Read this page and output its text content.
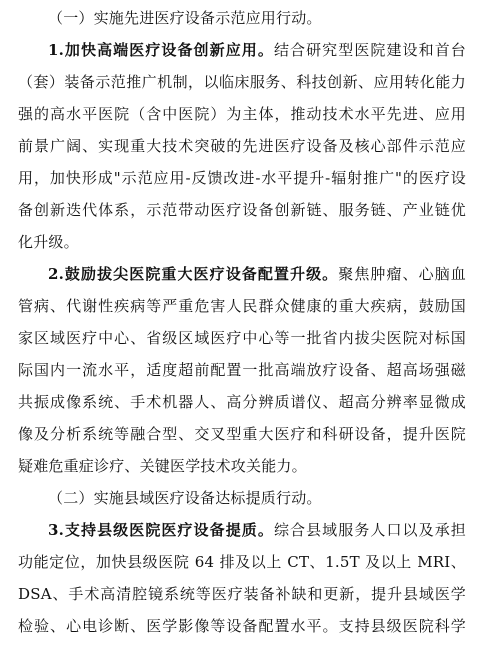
（一）实施先进医疗设备示范应用行动。
1.加快高端医疗设备创新应用。结合研究型医院建设和首台
（套）装备示范推广机制，以临床服务、科技创新、应用转化能力
强的高水平医院（含中医院）为主体，推动技术水平先进、应用
前景广阔、实现重大技术突破的先进医疗设备及核心部件示范应
用，加快形成"示范应用-反馈改进-水平提升-辐射推广"的医疗设
备创新迭代体系，示范带动医疗设备创新链、服务链、产业链优
化升级。
2.鼓励拔尖医院重大医疗设备配置升级。聚焦肿瘤、心脑血
管病、代谢性疾病等严重危害人民群众健康的重大疾病，鼓励国
家区域医疗中心、省级区域医疗中心等一批省内拔尖医院对标国
际国内一流水平，适度超前配置一批高端放疗设备、超高场强磁
共振成像系统、手术机器人、高分辨质谱仪、超高分辨率显微成
像及分析系统等融合型、交叉型重大医疗和科研设备，提升医院
疑难危重症诊疗、关键医学技术攻关能力。
（二）实施县域医疗设备达标提质行动。
3.支持县级医院医疗设备提质。综合县域服务人口以及承担
功能定位，加快县级医院 64 排及以上 CT、1.5T 及以上 MRI、
DSA、手术高清腔镜系统等医疗装备补缺和更新，提升县域医学
检验、心电诊断、医学影像等设备配置水平。支持县级医院科学
